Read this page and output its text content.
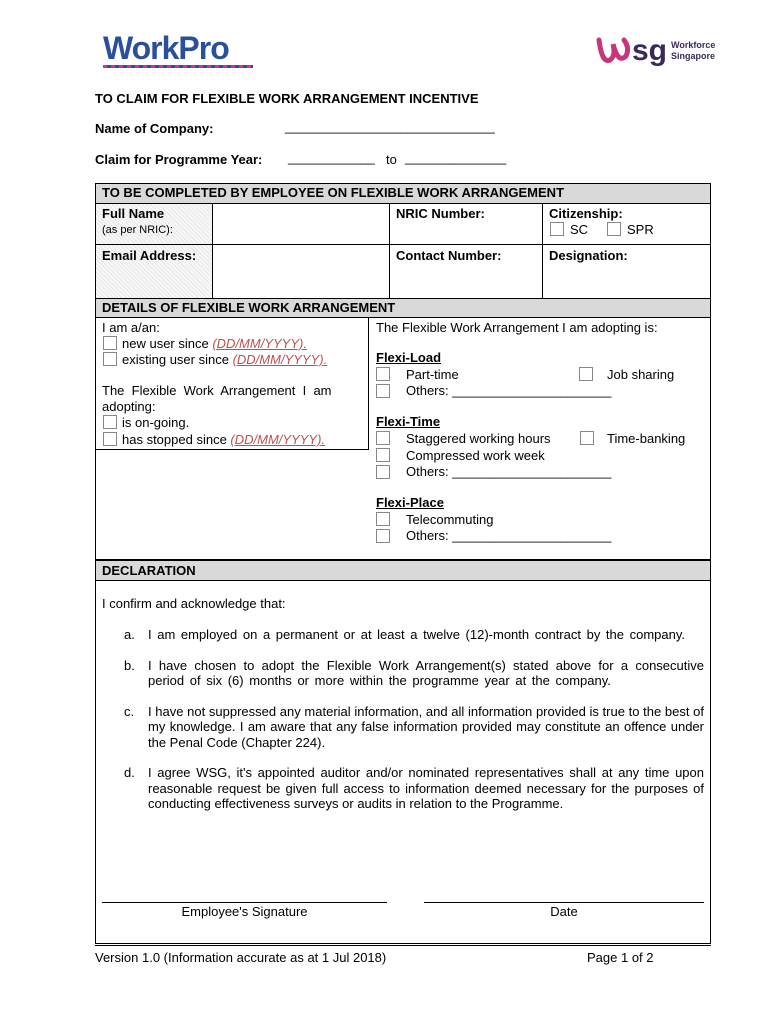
WorkPro	sg Workforce
Singapore
TO CLAIM FOR FLEXIBLE WORK ARRANGEMENT INCENTIVE
Name of Company:	_____________________________
Claim for Programme Year: ____________ to ______________
TO BE COMPLETED BY EMPLOYEE ON FLEXIBLE WORK ARRANGEMENT
Full Name
(as per NRIC):
NRIC Number:	Citizenship:
SC	SPR
Email Address:	Contact Number:	Designation:
DETAILS OF FLEXIBLE WORK ARRANGEMENT
I am a/an:
new user since (DD/MM/YYYY).
existing user since (DD/MM/YYYY).
The  Flexible  Work  Arrangement  I  am
adopting:
is on-going.
has stopped since (DD/MM/YYYY).
The Flexible Work Arrangement I am adopting is:
Flexi-Load
Part-time	Job sharing
Others: ______________________
Flexi-Time
Staggered working hours	Time-banking
Compressed work week
Others: ______________________
Flexi-Place
Telecommuting
Others: ______________________
DECLARATION
I confirm and acknowledge that:
a.	I am employed on a permanent or at least a twelve (12)-month contract by the company.

b.	I have chosen to adopt the Flexible Work Arrangement(s) stated above for a consecutive period of six (6) months or more within the programme year at the company.

c.	I have not suppressed any material information, and all information provided is true to the best of my knowledge. I am aware that any false information provided may constitute an offence under the Penal Code (Chapter 224).

d.	I agree WSG, it's appointed auditor and/or nominated representatives shall at any time upon reasonable request be given full access to information deemed necessary for the purposes of conducting effectiveness surveys or audits in relation to the Programme.

Employee's Signature	Date
Version 1.0 (Information accurate as at 1 Jul 2018)	Page 1 of 2
